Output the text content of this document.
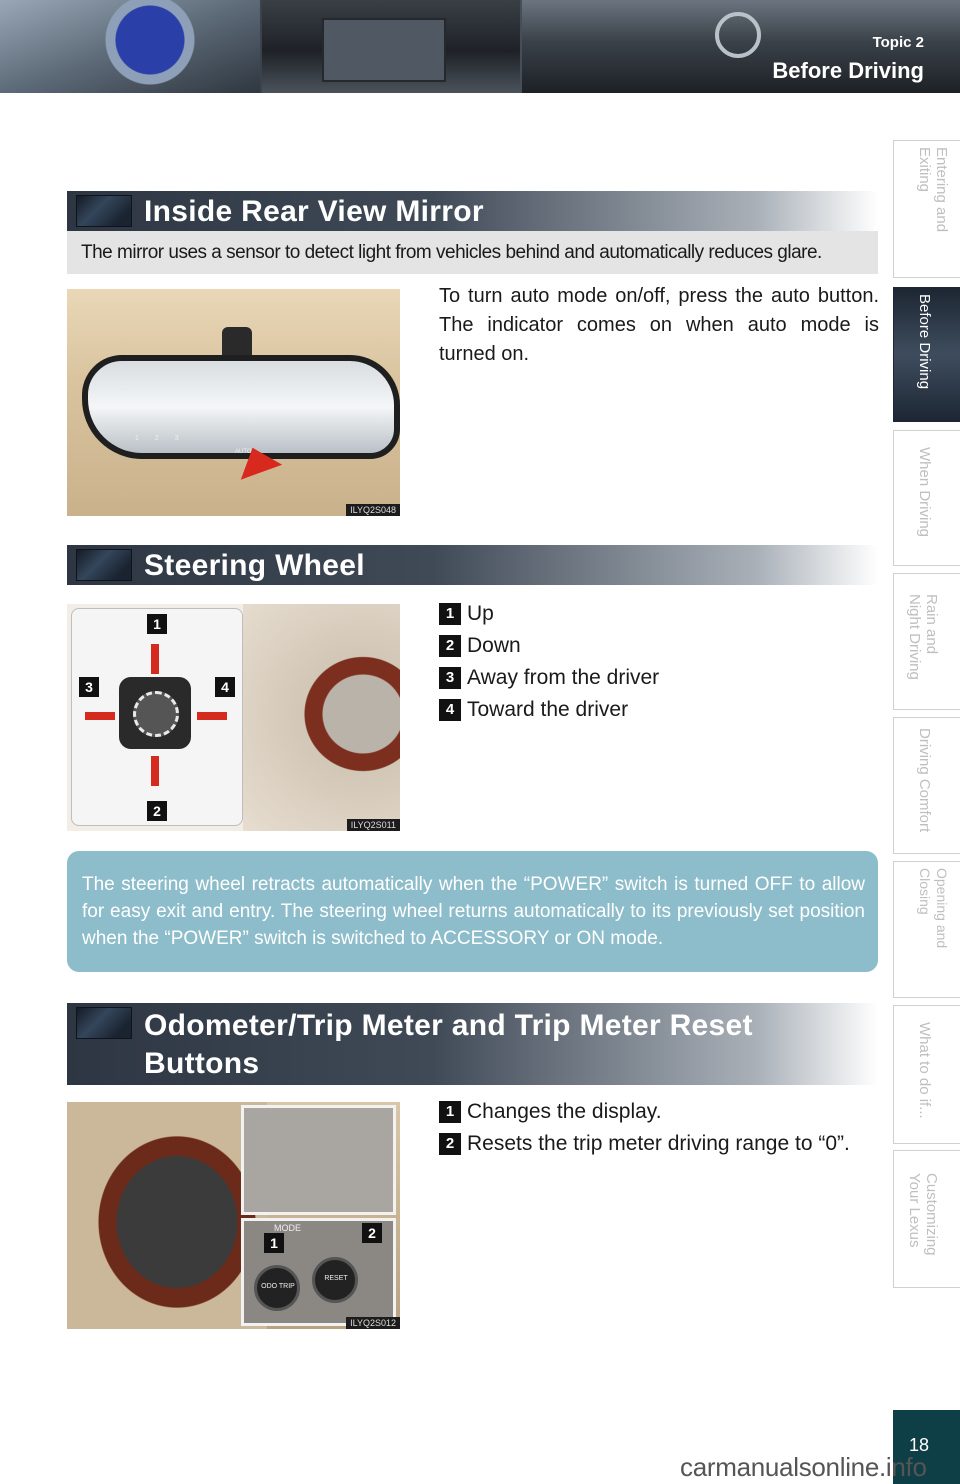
Topic 2
Before Driving
Entering and Exiting
Before Driving
When Driving
Rain and
Night Driving
Driving Comfort
Opening and Closing
What to do if...
Customizing
Your Lexus
Inside Rear View Mirror
The mirror uses a sensor to detect light from vehicles behind and automatically reduces glare.
1 2 3
AUTO
ILYQ2S048
To turn auto mode on/off, press the auto button. The indicator comes on when auto mode is turned on.
Steering Wheel
1
2
3	4
ILYQ2S011
1 Up
2 Down
3 Away from the driver
4 Toward the driver
The steering wheel retracts automatically when the “POWER” switch is turned OFF to allow for easy exit and entry. The steering wheel returns automatically to its previously set position when the “POWER” switch is switched to ACCESSORY or ON mode.
Odometer/Trip Meter and Trip Meter Reset Buttons
MODE
ODO TRIP
RESET
1
2
ILYQ2S012
1 Changes the display.
2 Resets the trip meter driving range to “0”.
18
carmanualsonline.info
